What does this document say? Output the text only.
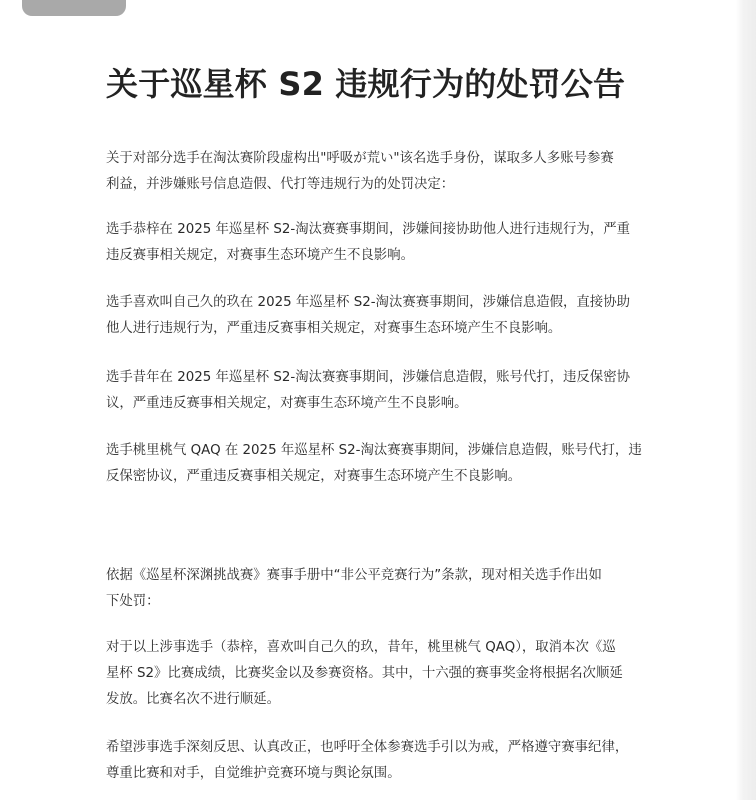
关于巡星杯 S2 违规行为的处罚公告

关于对部分选手在淘汰赛阶段虚构出"呼吸が荒い"该名选手身份，谋取多人多账号参赛
利益，并涉嫌账号信息造假、代打等违规行为的处罚决定：

选手恭梓在 2025 年巡星杯 S2-淘汰赛赛事期间，涉嫌间接协助他人进行违规行为，严重
违反赛事相关规定，对赛事生态环境产生不良影响。

选手喜欢叫自己久的玖在 2025 年巡星杯 S2-淘汰赛赛事期间，涉嫌信息造假，直接协助
他人进行违规行为，严重违反赛事相关规定，对赛事生态环境产生不良影响。

选手昔年在 2025 年巡星杯 S2-淘汰赛赛事期间，涉嫌信息造假，账号代打，违反保密协
议，严重违反赛事相关规定，对赛事生态环境产生不良影响。

选手桃里桃气 QAQ 在 2025 年巡星杯 S2-淘汰赛赛事期间，涉嫌信息造假，账号代打，违
反保密协议，严重违反赛事相关规定，对赛事生态环境产生不良影响。

依据《巡星杯深渊挑战赛》赛事手册中“非公平竞赛行为”条款，现对相关选手作出如
下处罚：

对于以上涉事选手（恭梓，喜欢叫自己久的玖，昔年，桃里桃气 QAQ），取消本次《巡
星杯 S2》比赛成绩，比赛奖金以及参赛资格。其中，十六强的赛事奖金将根据名次顺延
发放。比赛名次不进行顺延。

希望涉事选手深刻反思、认真改正，也呼吁全体参赛选手引以为戒，严格遵守赛事纪律，
尊重比赛和对手，自觉维护竞赛环境与舆论氛围。
